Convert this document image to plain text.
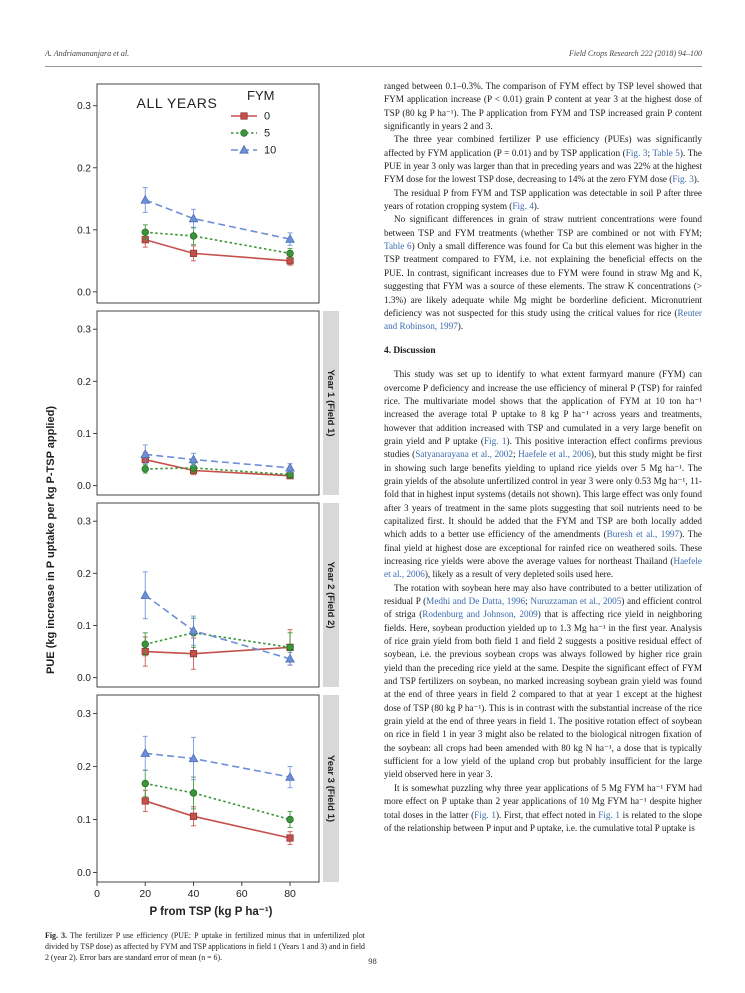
A. Andriamananjara et al.	Field Crops Research 222 (2018) 94–100
PUE (kg increase in P uptake per kg P-TSP applied)
0.0
0.1
0.2
0.3	ALL YEARS FYM
0
5
10
0.0
0.1
0.2
0.3
Year 1 (Field 1)
0.0
0.1
0.2
0.3
Year 2 (Field 2)
0.0
0.1
0.2
0.3
0	20	40	60	80
Year 3 (Field 1)
P from TSP (kg P ha⁻¹)

Fig. 3. The fertilizer P use efficiency (PUE: P uptake in fertilized minus that in unfertilized plot divided by TSP dose) as affected by FYM and TSP applications in field 1 (Years 1 and 3) and in field 2 (year 2). Error bars are standard error of mean (n = 6).

ranged between 0.1–0.3%. The comparison of FYM effect by TSP level showed that FYM application increase (P < 0.01) grain P content at year 3 at the highest dose of TSP (80 kg P ha⁻¹). The P application from FYM and TSP increased grain P content significantly in years 2 and 3.

The three year combined fertilizer P use efficiency (PUEs) was significantly affected by FYM application (P = 0.01) and by TSP application (Fig. 3; Table 5). The PUE in year 3 only was larger than that in preceding years and was 22% at the highest FYM dose for the lowest TSP dose, decreasing to 14% at the zero FYM dose (Fig. 3).

The residual P from FYM and TSP application was detectable in soil P after three years of rotation cropping system (Fig. 4).

No significant differences in grain of straw nutrient concentrations were found between TSP and FYM treatments (whether TSP are combined or not with FYM; Table 6) Only a small difference was found for Ca but this element was higher in the TSP treatment compared to FYM, i.e. not explaining the beneficial effects on the PUE. In contrast, significant increases due to FYM were found in straw Mg and K, suggesting that FYM was a source of these elements. The straw K concentrations (> 1.3%) are likely adequate while Mg might be borderline deficient. Micronutrient deficiency was not suspected for this study using the critical values for rice (Reuter and Robinson, 1997).

4. Discussion

This study was set up to identify to what extent farmyard manure (FYM) can overcome P deficiency and increase the use efficiency of mineral P (TSP) for rainfed rice. The multivariate model shows that the application of FYM at 10 ton ha⁻¹ increased the average total P uptake to 8 kg P ha⁻¹ across years and treatments, however that addition increased with TSP and cumulated in a very large benefit on grain yield and P uptake (Fig. 1). This positive interaction effect confirms previous studies (Satyanarayana et al., 2002; Haefele et al., 2006), but this study might be first in showing such large benefits yielding to upland rice yields over 5 Mg ha⁻¹. The grain yields of the absolute unfertilized control in year 3 were only 0.53 Mg ha⁻¹, 11-fold that in highest input systems (details not shown). This large effect was only found after 3 years of treatment in the same plots suggesting that soil nutrients need to be capitalized first. It should be added that the FYM and TSP are both locally added which adds to a better use efficiency of the amendments (Buresh et al., 1997). The final yield at highest dose are exceptional for rainfed rice on weathered soils. These increasing rice yields were above the average values for northeast Thailand (Haefele et al., 2006), likely as a result of very depleted soils used here.

The rotation with soybean here may also have contributed to a better utilization of residual P (Medhi and De Datta, 1996; Nuruzzaman et al., 2005) and efficient control of striga (Rodenburg and Johnson, 2009) that is affecting rice yield in neighboring fields. Here, soybean production yielded up to 1.3 Mg ha⁻¹ in the first year. Analysis of rice grain yield from both field 1 and field 2 suggests a positive residual effect of soybean, i.e. the previous soybean crops was always followed by higher rice grain yield than the preceding rice yield at the same. Despite the significant effect of FYM and TSP fertilizers on soybean, no marked increasing soybean grain yield was found at the end of three years in field 2 compared to that at year 1 except at the highest dose of TSP (80 kg P ha⁻¹). This is in contrast with the substantial increase of the rice grain yield at the end of three years in field 1. The positive rotation effect of soybean on rice in field 1 in year 3 might also be related to the biological nitrogen fixation of the soybean: all crops had been amended with 80 kg N ha⁻¹, a dose that is typically sufficient for a low yield of the upland crop but probably insufficient for the large yield observed here in year 3.

It is somewhat puzzling why three year applications of 5 Mg FYM ha⁻¹ FYM had more effect on P uptake than 2 year applications of 10 Mg FYM ha⁻¹ despite higher total doses in the latter (Fig. 1). First, that effect noted in Fig. 1 is related to the slope of the relationship between P input and P uptake, i.e. the cumulative total P uptake is

98
